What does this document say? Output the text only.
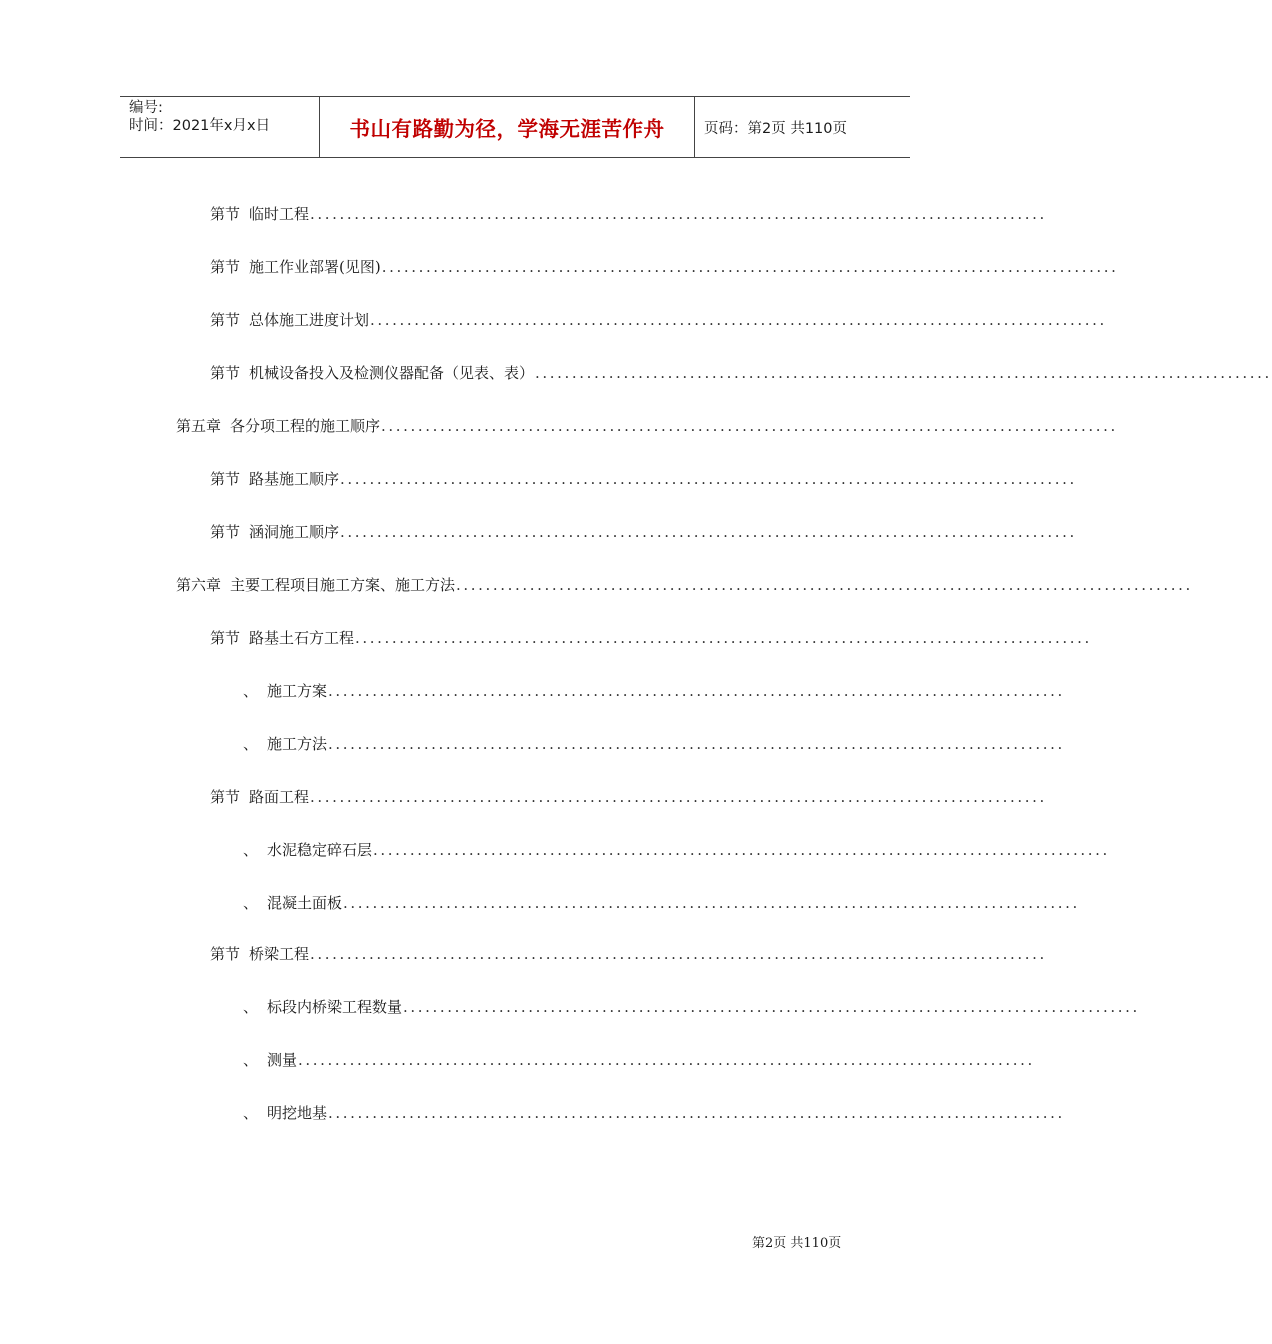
编号:
时间：2021年x月x日	书山有路勤为径，学海无涯苦作舟	页码：第2页 共110页
第节 临时工程 ....................................................................................................
第节 施工作业部署(见图) ....................................................................................................
第节 总体施工进度计划 ....................................................................................................
第节 机械设备投入及检测仪器配备（见表、表） ....................................................................................................
第五章 各分项工程的施工顺序 ....................................................................................................
第节 路基施工顺序 ....................................................................................................
第节 涵洞施工顺序 ....................................................................................................
第六章 主要工程项目施工方案、施工方法 ....................................................................................................
第节 路基土石方工程 ....................................................................................................
、 施工方案 ....................................................................................................
、 施工方法 ....................................................................................................
第节 路面工程 ....................................................................................................
、 水泥稳定碎石层 ....................................................................................................
、 混凝土面板 ....................................................................................................
第节 桥梁工程 ....................................................................................................
、 标段内桥梁工程数量 ....................................................................................................
、 测量 ....................................................................................................
、 明挖地基 ....................................................................................................
第2页 共110页
